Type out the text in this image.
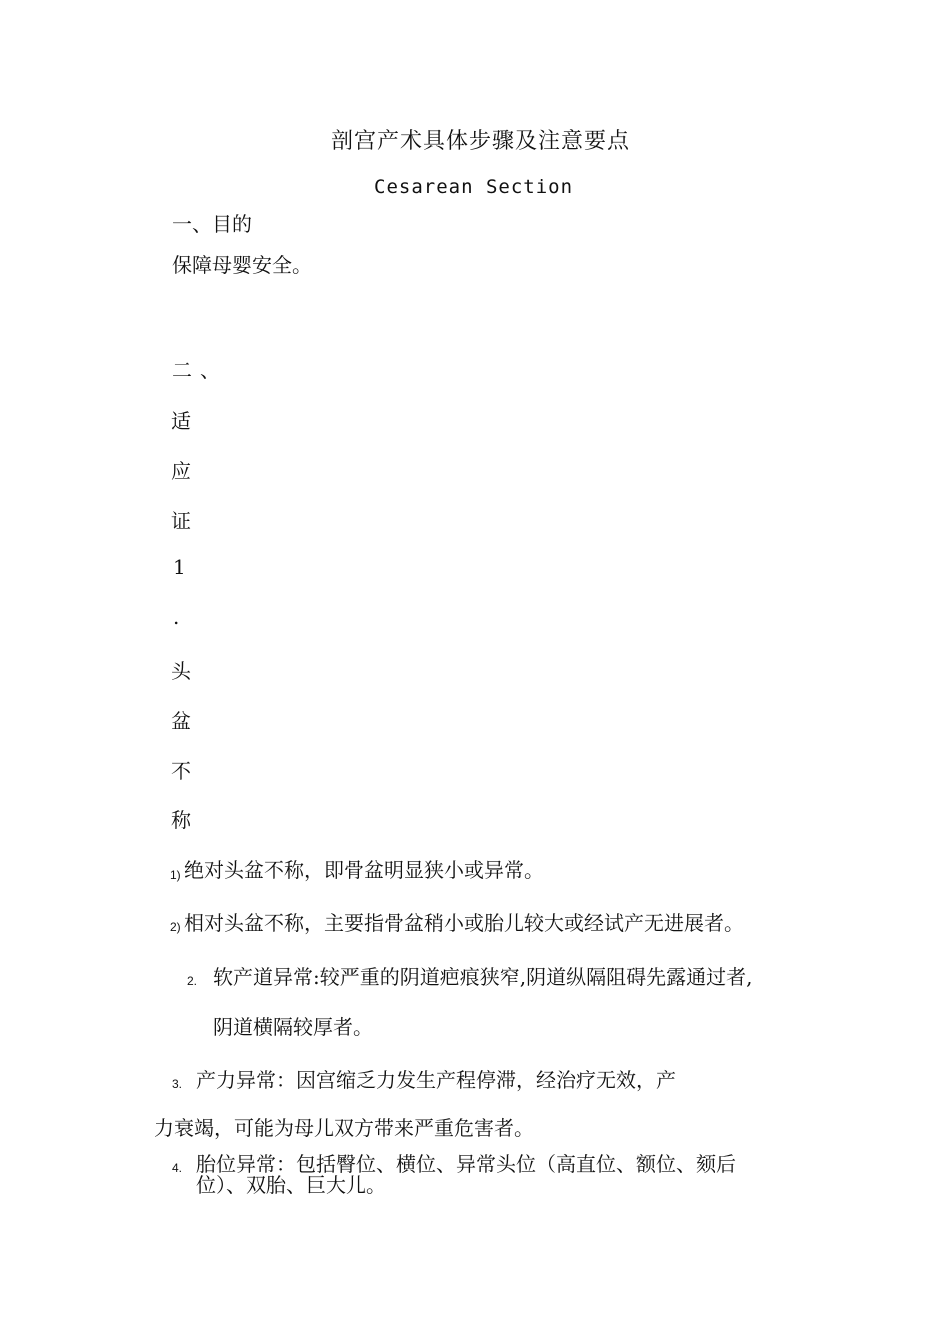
剖宫产术具体步骤及注意要点
Cesarean Section
一、目的
保障母婴安全。
二、
适
应
证
1
.
头
盆
不
称
1) 绝对头盆不称，即骨盆明显狭小或异常。
2) 相对头盆不称，主要指骨盆稍小或胎儿较大或经试产无进展者。
2. 软产道异常:较严重的阴道疤痕狭窄,阴道纵隔阻碍先露通过者,
阴道横隔较厚者。
3. 产力异常：因宫缩乏力发生产程停滞，经治疗无效，产
力衰竭，可能为母儿双方带来严重危害者。
4. 胎位异常：包括臀位、横位、异常头位（高直位、额位、颏后
位）、双胎、巨大儿。
